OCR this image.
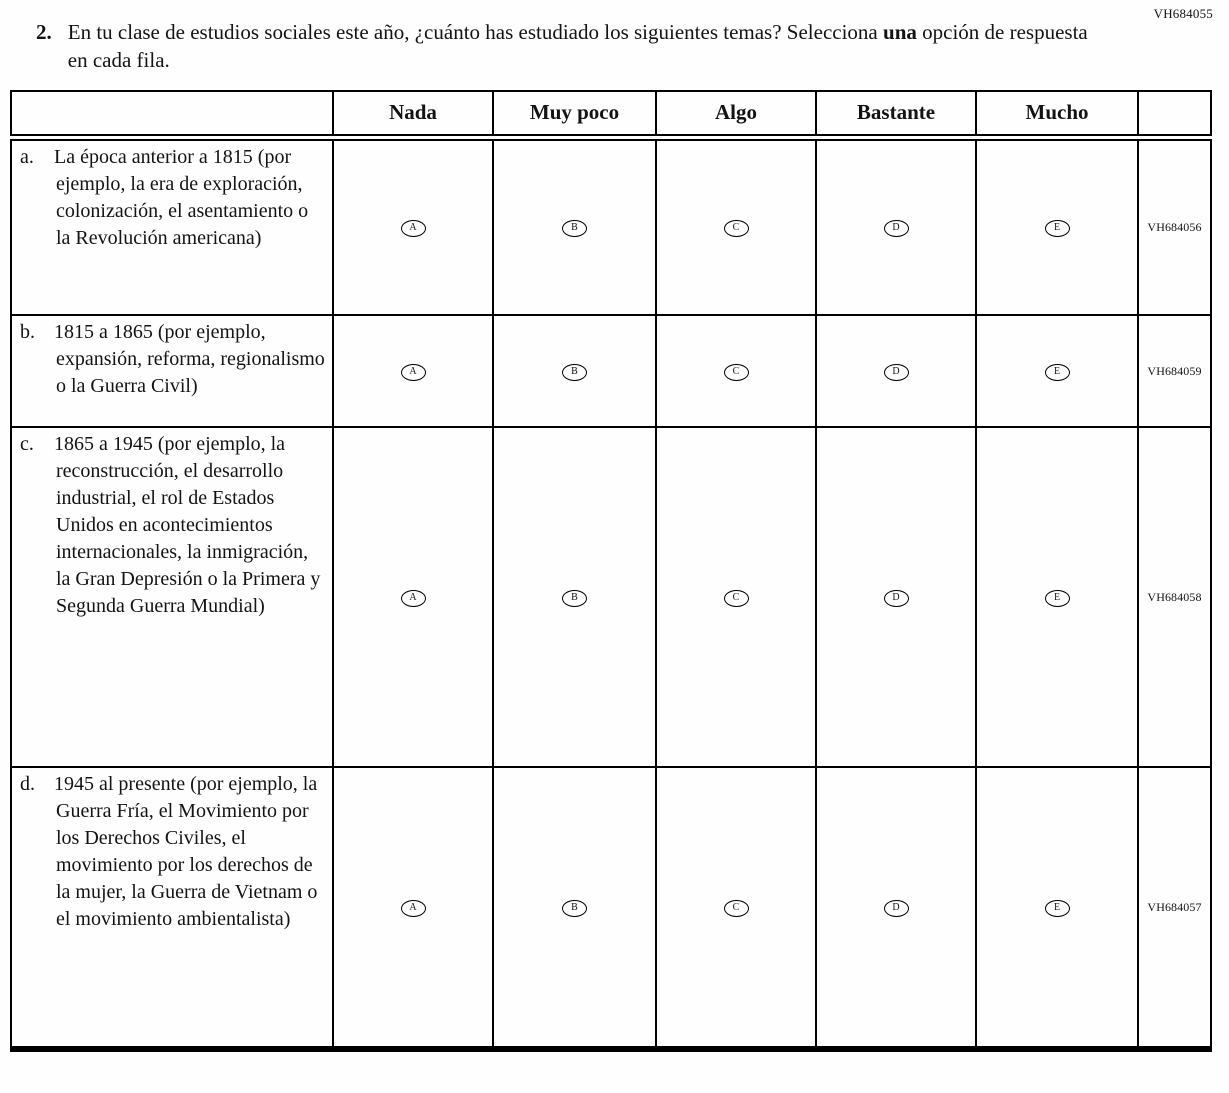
VH684055
2. En tu clase de estudios sociales este año, ¿cuánto has estudiado los siguientes temas? Selecciona una opción de respuesta en cada fila.
	Nada	Muy poco	Algo	Bastante	Mucho	
a. La época anterior a 1815 (por ejemplo, la era de exploración, colonización, el asentamiento o la Revolución americana)	A	B	C	D	E	VH684056
b. 1815 a 1865 (por ejemplo, expansión, reforma, regionalismo o la Guerra Civil)	A	B	C	D	E	VH684059
c. 1865 a 1945 (por ejemplo, la reconstrucción, el desarrollo industrial, el rol de Estados Unidos en acontecimientos internacionales, la inmigración, la Gran Depresión o la Primera y Segunda Guerra Mundial)	A	B	C	D	E	VH684058
d. 1945 al presente (por ejemplo, la Guerra Fría, el Movimiento por los Derechos Civiles, el movimiento por los derechos de la mujer, la Guerra de Vietnam o el movimiento ambientalista)	A	B	C	D	E	VH684057
